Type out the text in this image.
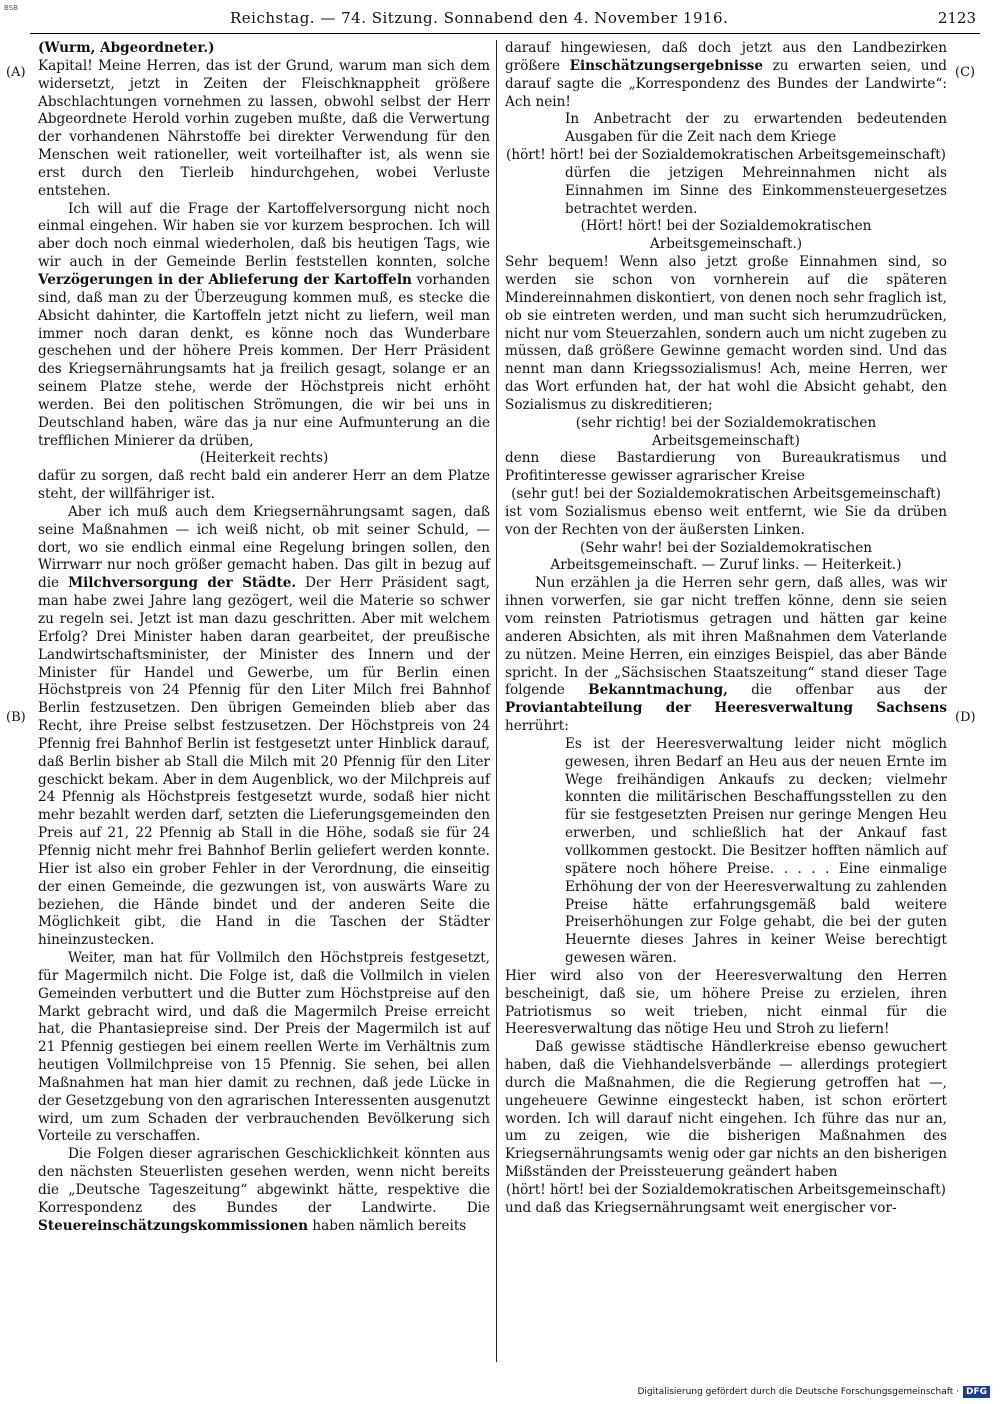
BSB
Reichstag. — 74. Sitzung. Sonnabend den 4. November 1916.	2123
(A)
(B)
(C)
(D)

(Wurm, Abgeordneter.)

Kapital! Meine Herren, das ist der Grund, warum man sich dem widersetzt, jetzt in Zeiten der Fleischknappheit größere Abschlachtungen vornehmen zu lassen, obwohl selbst der Herr Abgeordnete Herold vorhin zugeben mußte, daß die Verwertung der vorhandenen Nährstoffe bei direkter Verwendung für den Menschen weit rationeller, weit vorteilhafter ist, als wenn sie erst durch den Tierleib hindurchgehen, wobei Verluste entstehen.

Ich will auf die Frage der Kartoffelversorgung nicht noch einmal eingehen. Wir haben sie vor kurzem besprochen. Ich will aber doch noch einmal wiederholen, daß bis heutigen Tags, wie wir auch in der Gemeinde Berlin feststellen konnten, solche Verzögerungen in der Ablieferung der Kartoffeln vorhanden sind, daß man zu der Überzeugung kommen muß, es stecke die Absicht dahinter, die Kartoffeln jetzt nicht zu liefern, weil man immer noch daran denkt, es könne noch das Wunderbare geschehen und der höhere Preis kommen. Der Herr Präsident des Kriegsernährungsamts hat ja freilich gesagt, solange er an seinem Platze stehe, werde der Höchstpreis nicht erhöht werden. Bei den politischen Strömungen, die wir bei uns in Deutschland haben, wäre das ja nur eine Aufmunterung an die trefflichen Minierer da drüben,

(Heiterkeit rechts)

dafür zu sorgen, daß recht bald ein anderer Herr an dem Platze steht, der willfähriger ist.

Aber ich muß auch dem Kriegsernährungsamt sagen, daß seine Maßnahmen — ich weiß nicht, ob mit seiner Schuld, — dort, wo sie endlich einmal eine Regelung bringen sollen, den Wirrwarr nur noch größer gemacht haben. Das gilt in bezug auf die Milchversorgung der Städte. Der Herr Präsident sagt, man habe zwei Jahre lang gezögert, weil die Materie so schwer zu regeln sei. Jetzt ist man dazu geschritten. Aber mit welchem Erfolg? Drei Minister haben daran gearbeitet, der preußische Landwirtschaftsminister, der Minister des Innern und der Minister für Handel und Gewerbe, um für Berlin einen Höchstpreis von 24 Pfennig für den Liter Milch frei Bahnhof Berlin festzusetzen. Den übrigen Gemeinden blieb aber das Recht, ihre Preise selbst festzusetzen. Der Höchstpreis von 24 Pfennig frei Bahnhof Berlin ist festgesetzt unter Hinblick darauf, daß Berlin bisher ab Stall die Milch mit 20 Pfennig für den Liter geschickt bekam. Aber in dem Augenblick, wo der Milchpreis auf 24 Pfennig als Höchstpreis festgesetzt wurde, sodaß hier nicht mehr bezahlt werden darf, setzten die Lieferungsgemeinden den Preis auf 21, 22 Pfennig ab Stall in die Höhe, sodaß sie für 24 Pfennig nicht mehr frei Bahnhof Berlin geliefert werden konnte. Hier ist also ein grober Fehler in der Verordnung, die einseitig der einen Gemeinde, die gezwungen ist, von auswärts Ware zu beziehen, die Hände bindet und der anderen Seite die Möglichkeit gibt, die Hand in die Taschen der Städter hineinzustecken.

Weiter, man hat für Vollmilch den Höchstpreis festgesetzt, für Magermilch nicht. Die Folge ist, daß die Vollmilch in vielen Gemeinden verbuttert und die Butter zum Höchstpreise auf den Markt gebracht wird, und daß die Magermilch Preise erreicht hat, die Phantasiepreise sind. Der Preis der Magermilch ist auf 21 Pfennig gestiegen bei einem reellen Werte im Verhältnis zum heutigen Vollmilchpreise von 15 Pfennig. Sie sehen, bei allen Maßnahmen hat man hier damit zu rechnen, daß jede Lücke in der Gesetzgebung von den agrarischen Interessenten ausgenutzt wird, um zum Schaden der verbrauchenden Bevölkerung sich Vorteile zu verschaffen.

Die Folgen dieser agrarischen Geschicklichkeit könnten aus den nächsten Steuerlisten gesehen werden, wenn nicht bereits die „Deutsche Tageszeitung“ abgewinkt hätte, respektive die Korrespondenz des Bundes der Landwirte. Die Steuereinschätzungskommissionen haben nämlich bereits

darauf hingewiesen, daß doch jetzt aus den Landbezirken größere Einschätzungsergebnisse zu erwarten seien, und darauf sagte die „Korrespondenz des Bundes der Landwirte“: Ach nein!

In Anbetracht der zu erwartenden bedeutenden Ausgaben für die Zeit nach dem Kriege

(hört! hört! bei der Sozialdemokratischen Arbeitsgemeinschaft)

dürfen die jetzigen Mehreinnahmen nicht als Einnahmen im Sinne des Einkommensteuergesetzes betrachtet werden.

(Hört! hört! bei der Sozialdemokratischen Arbeitsgemeinschaft.)

Sehr bequem! Wenn also jetzt große Einnahmen sind, so werden sie schon von vornherein auf die späteren Mindereinnahmen diskontiert, von denen noch sehr fraglich ist, ob sie eintreten werden, und man sucht sich herumzudrücken, nicht nur vom Steuerzahlen, sondern auch um nicht zugeben zu müssen, daß größere Gewinne gemacht worden sind. Und das nennt man dann Kriegssozialismus! Ach, meine Herren, wer das Wort erfunden hat, der hat wohl die Absicht gehabt, den Sozialismus zu diskreditieren;

(sehr richtig! bei der Sozialdemokratischen Arbeitsgemeinschaft)

denn diese Bastardierung von Bureaukratismus und Profitinteresse gewisser agrarischer Kreise

(sehr gut! bei der Sozialdemokratischen Arbeitsgemeinschaft)

ist vom Sozialismus ebenso weit entfernt, wie Sie da drüben von der Rechten von der äußersten Linken.

(Sehr wahr! bei der Sozialdemokratischen Arbeitsgemeinschaft. — Zuruf links. — Heiterkeit.)

Nun erzählen ja die Herren sehr gern, daß alles, was wir ihnen vorwerfen, sie gar nicht treffen könne, denn sie seien vom reinsten Patriotismus getragen und hätten gar keine anderen Absichten, als mit ihren Maßnahmen dem Vaterlande zu nützen. Meine Herren, ein einziges Beispiel, das aber Bände spricht. In der „Sächsischen Staatszeitung“ stand dieser Tage folgende Bekanntmachung, die offenbar aus der Proviantabteilung der Heeresverwaltung Sachsens herrührt:

Es ist der Heeresverwaltung leider nicht möglich gewesen, ihren Bedarf an Heu aus der neuen Ernte im Wege freihändigen Ankaufs zu decken; vielmehr konnten die militärischen Beschaffungsstellen zu den für sie festgesetzten Preisen nur geringe Mengen Heu erwerben, und schließlich hat der Ankauf fast vollkommen gestockt. Die Besitzer hofften nämlich auf spätere noch höhere Preise. . . . . Eine einmalige Erhöhung der von der Heeresverwaltung zu zahlenden Preise hätte erfahrungsgemäß bald weitere Preiserhöhungen zur Folge gehabt, die bei der guten Heuernte dieses Jahres in keiner Weise berechtigt gewesen wären.

Hier wird also von der Heeresverwaltung den Herren bescheinigt, daß sie, um höhere Preise zu erzielen, ihren Patriotismus so weit trieben, nicht einmal für die Heeresverwaltung das nötige Heu und Stroh zu liefern!

Daß gewisse städtische Händlerkreise ebenso gewuchert haben, daß die Viehhandelsverbände — allerdings protegiert durch die Maßnahmen, die die Regierung getroffen hat —, ungeheuere Gewinne eingesteckt haben, ist schon erörtert worden. Ich will darauf nicht eingehen. Ich führe das nur an, um zu zeigen, wie die bisherigen Maßnahmen des Kriegsernährungsamts wenig oder gar nichts an den bisherigen Mißständen der Preissteuerung geändert haben

(hört! hört! bei der Sozialdemokratischen Arbeitsgemeinschaft)

und daß das Kriegsernährungsamt weit energischer vor-

Digitalisierung gefördert durch die Deutsche Forschungsgemeinschaft · DFG
